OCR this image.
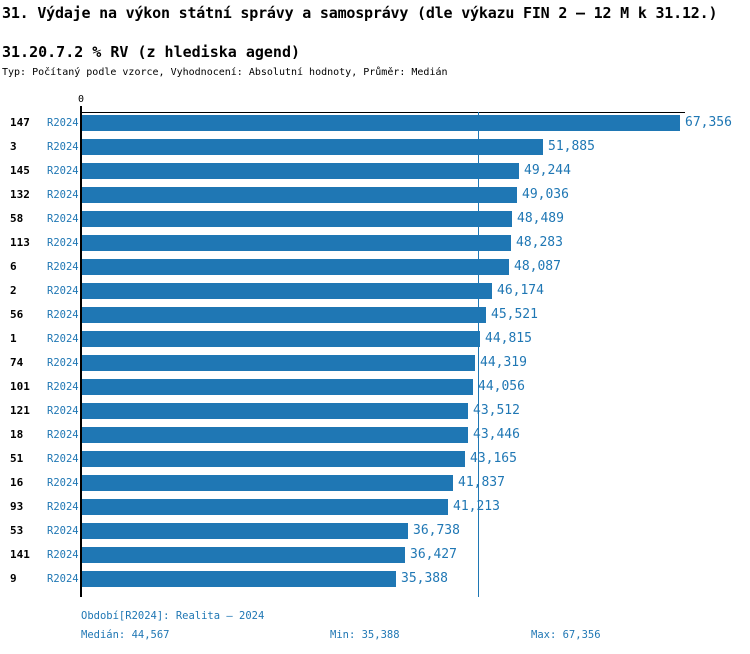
31. Výdaje na výkon státní správy a samosprávy (dle výkazu FIN 2 – 12 M k 31.12.)
31.20.7.2 % RV (z hlediska agend)
Typ: Počítaný podle vzorce, Vyhodnocení: Absolutní hodnoty, Průměr: Medián
0
147 R2024	67,356
3	R2024	51,885
145 R2024	49,244
132 R2024	49,036
58 R2024	48,489
113 R2024	48,283
6	R2024	48,087
2	R2024	46,174
56 R2024	45,521
1	R2024	44,815
74 R2024	44,319
101 R2024	44,056
121 R2024	43,512
18 R2024	43,446
51 R2024	43,165
16 R2024	41,837
93 R2024	41,213
53 R2024	36,738
141 R2024	36,427
9	R2024	35,388
Období[R2024]: Realita – 2024
Medián: 44,567	Min: 35,388	Max: 67,356
